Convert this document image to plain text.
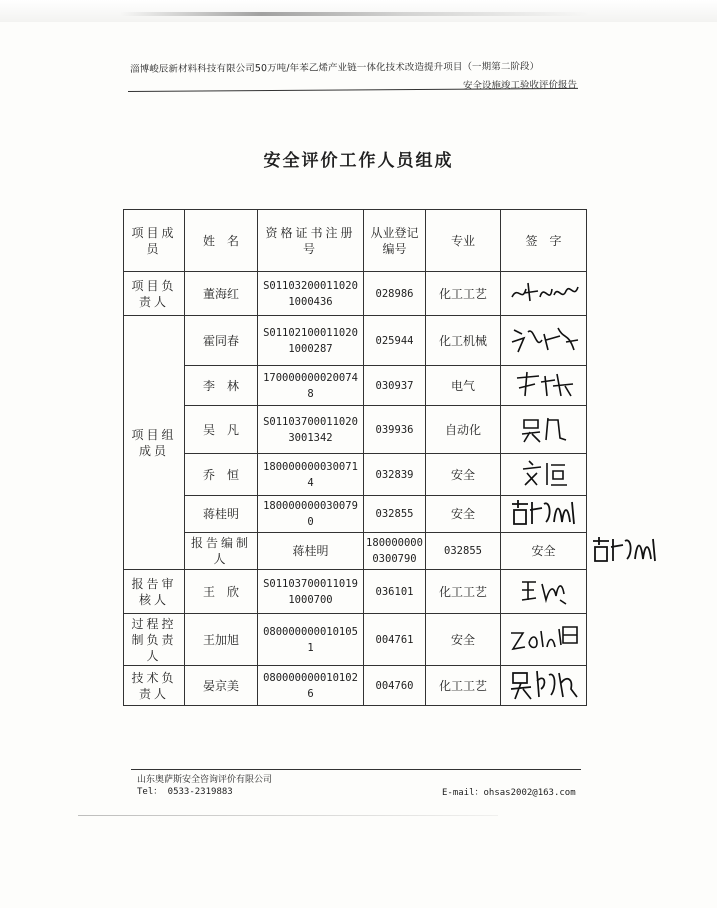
淄博峻辰新材料科技有限公司50万吨/年苯乙烯产业链一体化技术改造提升项目（一期第二阶段）
安全设施竣工验收评价报告
安全评价工作人员组成
项目成员	姓　名	资格证书注册号	从业登记编号	专业	签　字	
项目负责人	董海红	S011032000110201000436	028986	化工工艺	
项目组成员	霍同春	S011021000110201000287	025944	化工机械	
	李　林	1700000000200748	030937	电气	
	吴　凡	S011037000110203001342	039936	自动化	
	乔　恒	1800000000300714	032839	安全	
	蒋桂明	1800000000300790	032855	安全	
	报告编制人	蒋桂明	1800000000300790	032855	安全	
报告审核人	王　欣	S011037000110191000700	036101	化工工艺	
过程控制负责人	王加旭	0800000000101051	004761	安全	
技术负责人	晏京美	0800000000101026	004760	化工工艺	
山东奥萨斯安全咨询评价有限公司
Tel： 0533-2319883	E-mail：ohsas2002@163.com
